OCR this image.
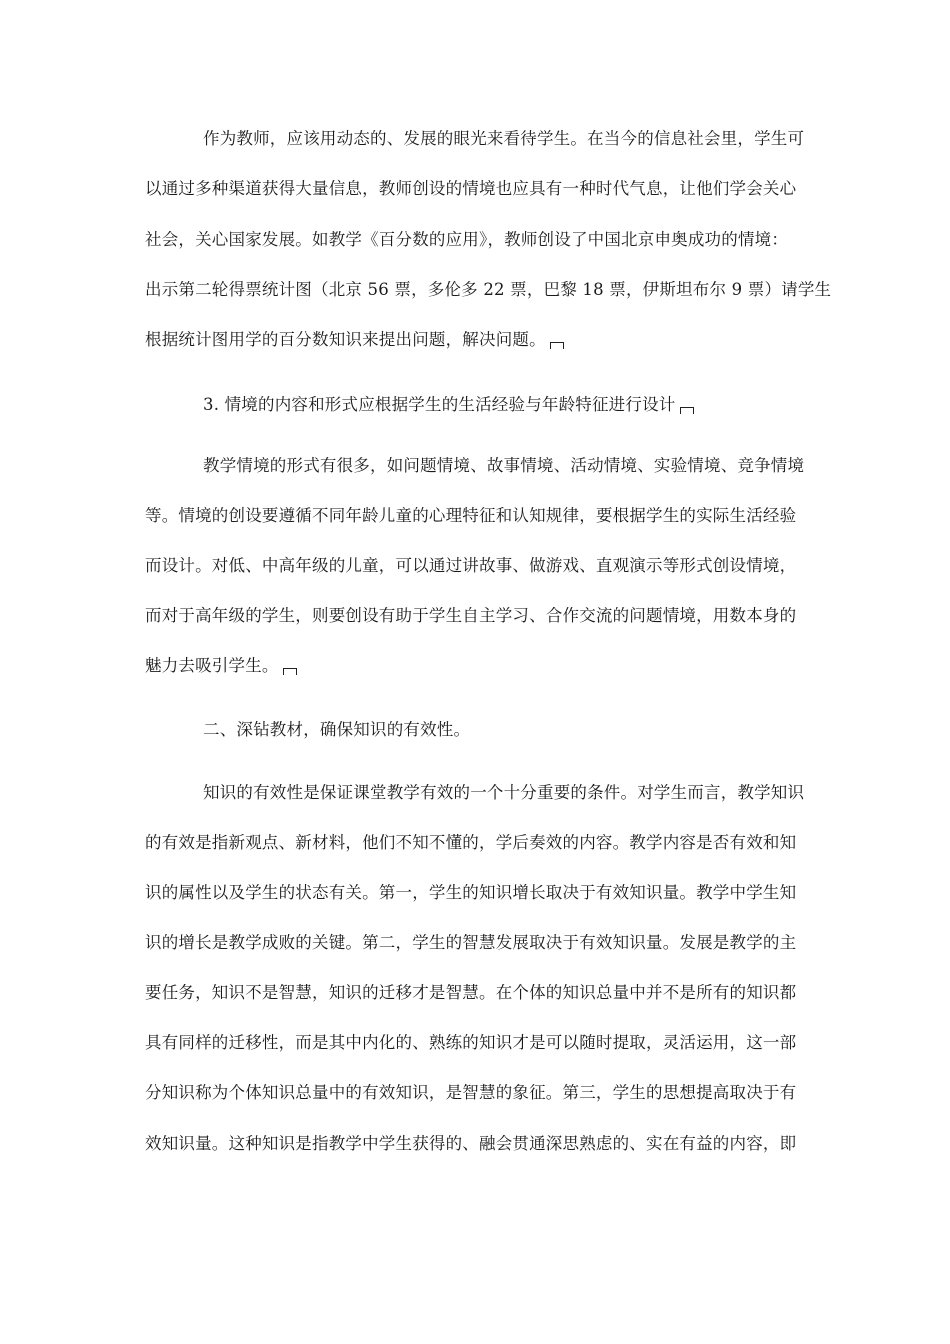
作为教师，应该用动态的、发展的眼光来看待学生。在当今的信息社会里，学生可
以通过多种渠道获得大量信息，教师创设的情境也应具有一种时代气息，让他们学会关心
社会，关心国家发展。如教学《百分数的应用》，教师创设了中国北京申奥成功的情境：
出示第二轮得票统计图（北京 56 票，多伦多 22 票，巴黎 18 票，伊斯坦布尔 9 票）请学生
根据统计图用学的百分数知识来提出问题，解决问题。
3. 情境的内容和形式应根据学生的生活经验与年龄特征进行设计
教学情境的形式有很多，如问题情境、故事情境、活动情境、实验情境、竞争情境
等。情境的创设要遵循不同年龄儿童的心理特征和认知规律，要根据学生的实际生活经验
而设计。对低、中高年级的儿童，可以通过讲故事、做游戏、直观演示等形式创设情境，
而对于高年级的学生，则要创设有助于学生自主学习、合作交流的问题情境，用数本身的
魅力去吸引学生。
二、深钻教材，确保知识的有效性。
知识的有效性是保证课堂教学有效的一个十分重要的条件。对学生而言，教学知识
的有效是指新观点、新材料，他们不知不懂的，学后奏效的内容。教学内容是否有效和知
识的属性以及学生的状态有关。第一，学生的知识增长取决于有效知识量。教学中学生知
识的增长是教学成败的关键。第二，学生的智慧发展取决于有效知识量。发展是教学的主
要任务，知识不是智慧，知识的迁移才是智慧。在个体的知识总量中并不是所有的知识都
具有同样的迁移性，而是其中内化的、熟练的知识才是可以随时提取，灵活运用，这一部
分知识称为个体知识总量中的有效知识，是智慧的象征。第三，学生的思想提高取决于有
效知识量。这种知识是指教学中学生获得的、融会贯通深思熟虑的、实在有益的内容，即
